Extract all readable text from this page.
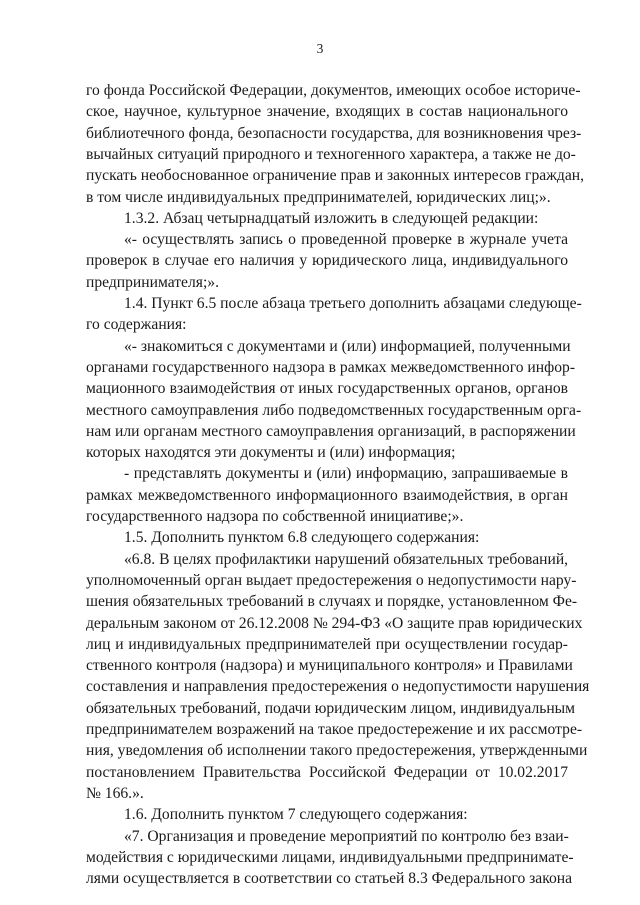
3
го фонда Российской Федерации, документов, имеющих особое историче-
ское, научное, культурное значение, входящих в состав национального
библиотечного фонда, безопасности государства, для возникновения чрез-
вычайных ситуаций природного и техногенного характера, а также не до-
пускать необоснованное ограничение прав и законных интересов граждан,
в том числе индивидуальных предпринимателей, юридических лиц;».
1.3.2. Абзац четырнадцатый изложить в следующей редакции:
«- осуществлять запись о проведенной проверке в журнале учета
проверок в случае его наличия у юридического лица, индивидуального
предпринимателя;».
1.4. Пункт 6.5 после абзаца третьего дополнить абзацами следующе-
го содержания:
«- знакомиться с документами и (или) информацией, полученными
органами государственного надзора в рамках межведомственного инфор-
мационного взаимодействия от иных государственных органов, органов
местного самоуправления либо подведомственных государственным орга-
нам или органам местного самоуправления организаций, в распоряжении
которых находятся эти документы и (или) информация;
- представлять документы и (или) информацию, запрашиваемые в
рамках межведомственного информационного взаимодействия, в орган
государственного надзора по собственной инициативе;».
1.5. Дополнить пунктом 6.8 следующего содержания:
«6.8. В целях профилактики нарушений обязательных требований,
уполномоченный орган выдает предостережения о недопустимости нару-
шения обязательных требований в случаях и порядке, установленном Фе-
деральным законом от 26.12.2008 № 294-ФЗ «О защите прав юридических
лиц и индивидуальных предпринимателей при осуществлении государ-
ственного контроля (надзора) и муниципального контроля» и Правилами
составления и направления предостережения о недопустимости нарушения
обязательных требований, подачи юридическим лицом, индивидуальным
предпринимателем возражений на такое предостережение и их рассмотре-
ния, уведомления об исполнении такого предостережения, утвержденными
постановлением Правительства Российской Федерации от 10.02.2017
№ 166.».
1.6. Дополнить пунктом 7 следующего содержания:
«7. Организация и проведение мероприятий по контролю без взаи-
модействия с юридическими лицами, индивидуальными предпринимате-
лями осуществляется в соответствии со статьей 8.3 Федерального закона
